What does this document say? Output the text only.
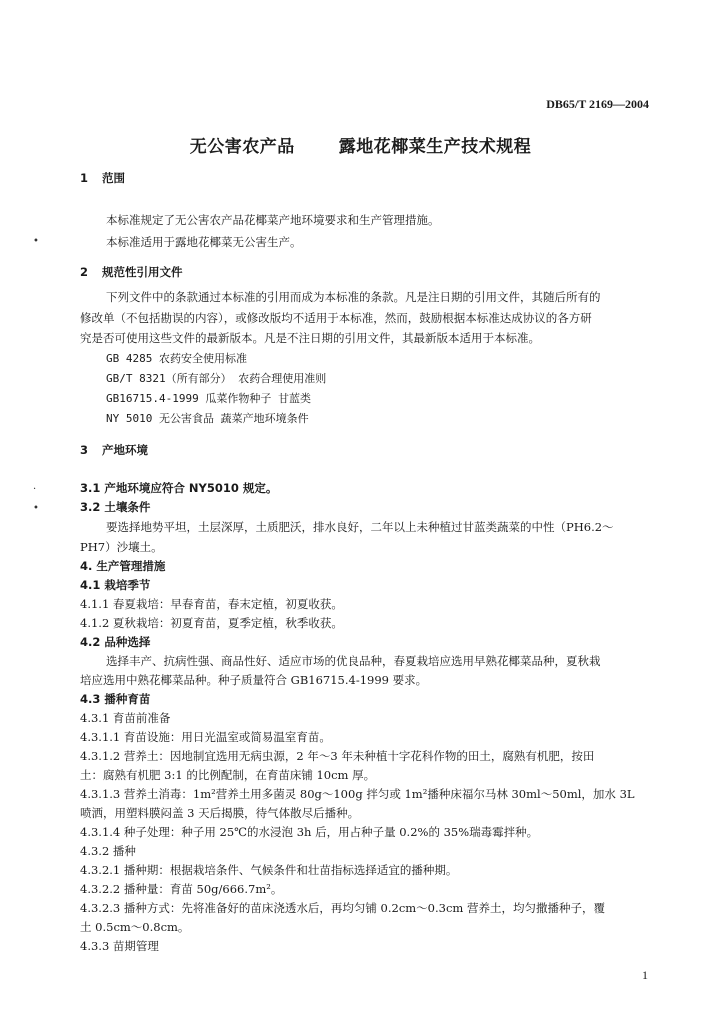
DB65/T 2169—2004
无公害农产品	露地花椰菜生产技术规程
1 范围
本标准规定了无公害农产品花椰菜产地环境要求和生产管理措施。
本标准适用于露地花椰菜无公害生产。
2 规范性引用文件
下列文件中的条款通过本标准的引用而成为本标准的条款。凡是注日期的引用文件，其随后所有的
修改单（不包括勘误的内容），或修改版均不适用于本标准，然而，鼓励根据本标准达成协议的各方研
究是否可使用这些文件的最新版本。凡是不注日期的引用文件，其最新版本适用于本标准。
GB 4285 农药安全使用标准
GB/T 8321（所有部分） 农药合理使用准则
GB16715.4-1999 瓜菜作物种子 甘蓝类
NY 5010 无公害食品 蔬菜产地环境条件
3 产地环境
3.1 产地环境应符合 NY5010 规定。
3.2 土壤条件
要选择地势平坦，土层深厚，土质肥沃，排水良好，二年以上未种植过甘蓝类蔬菜的中性（PH6.2～
PH7）沙壤土。
4. 生产管理措施
4.1 栽培季节
4.1.1 春夏栽培：早春育苗，春末定植，初夏收获。
4.1.2 夏秋栽培：初夏育苗，夏季定植，秋季收获。
4.2 品种选择
选择丰产、抗病性强、商品性好、适应市场的优良品种，春夏栽培应选用早熟花椰菜品种，夏秋栽
培应选用中熟花椰菜品种。种子质量符合 GB16715.4-1999 要求。
4.3 播种育苗
4.3.1 育苗前准备
4.3.1.1 育苗设施：用日光温室或简易温室育苗。
4.3.1.2 营养土：因地制宜选用无病虫源，2 年～3 年未种植十字花科作物的田土，腐熟有机肥，按田
土：腐熟有机肥 3:1 的比例配制，在育苗床铺 10cm 厚。
4.3.1.3 营养土消毒：1m²营养土用多菌灵 80g～100g 拌匀或 1m²播种床福尔马林 30ml～50ml，加水 3L
喷洒，用塑料膜闷盖 3 天后揭膜，待气体散尽后播种。
4.3.1.4 种子处理：种子用 25℃的水浸泡 3h 后，用占种子量 0.2%的 35%瑞毒霉拌种。
4.3.2 播种
4.3.2.1 播种期：根据栽培条件、气候条件和壮苗指标选择适宜的播种期。
4.3.2.2 播种量：育苗 50g/666.7m²。
4.3.2.3 播种方式：先将准备好的苗床浇透水后，再均匀铺 0.2cm～0.3cm 营养土，均匀撒播种子，覆
土 0.5cm～0.8cm。
4.3.3 苗期管理
1
•
·
•
